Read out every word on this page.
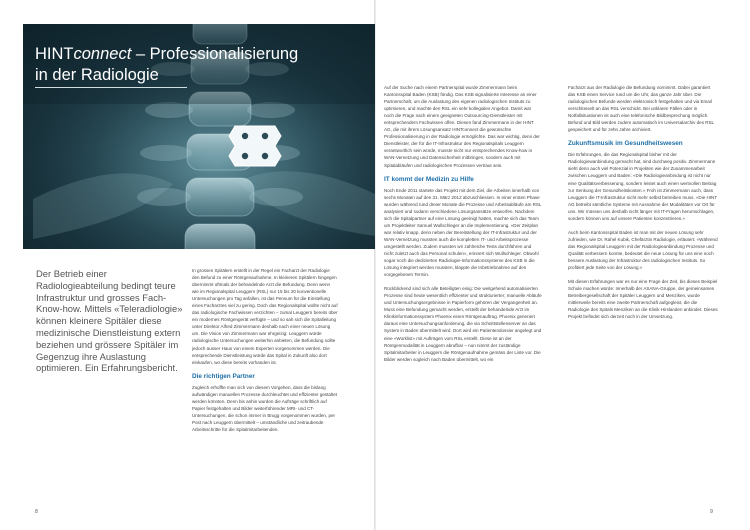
HINTconnect – Professionalisierung
in der Radiologie

Der Betrieb einer Radiologieabteilung bedingt teure Infrastruktur und grosses Fach-Know-how. Mittels «Teleradiologie» können kleinere Spitäler diese medizinische Dienstleistung extern beziehen und grössere Spitäler im Gegenzug ihre Auslastung optimieren. Ein Erfahrungsbericht.

In grossen Spitälern erstellt in der Regel ein Facharzt der Radiologie den Befund zu einer Röntgenaufnahme. In kleineren Spitälern hingegen übernimmt oftmals der behandelnde Arzt die Befundung. Denn wenn wie im Regionalspital Leuggern (RSL) nur 15 bis 20 konventionelle Untersuchungen pro Tag anfallen, ist das Pensum für die Einstellung eines Facharztes viel zu gering. Doch das Regionalspital wollte nicht auf das radiologische Fachwissen verzichten – zumal Leuggern bereits über ein modernes Röntgengerät verfügte – und so sah sich die Spitalleitung unter Direktor Alfred Zimmermann deshalb nach einer neuen Lösung um. Die Vision von Zimmermann war ehrgeizig: Leuggern würde radiologische Untersuchungen weiterhin anbieten, die Befundung sollte jedoch ausser Haus von einem Experten vorgenommen werden. Die entsprechende Dienstleistung würde das Spital in Zukunft also dort einkaufen, wo diese bereits vorhanden ist.

Die richtigen Partner

Zugleich erhoffte man sich von diesem Vorgehen, dass die bislang aufwändigen manuellen Prozesse durchleuchtet und effizienter gestaltet werden könnten. Denn bis anhin wurden die Aufträge schriftlich auf Papier festgehalten und Bilder weiterführender MRI- und CT-Untersuchungen, die schon immer in Brugg vorgenommen wurden, per Post nach Leuggern übermittelt – umständliche und zeitraubende Arbeitsschritte für die Spitalmitarbeitenden.

Auf der Suche nach einem Partnerspital wurde Zimmermann beim Kantonsspital Baden (KSB) fündig. Das KSB signalisierte Interesse an einer Partnerschaft, um die Auslastung des eigenen radiologischen Instituts zu optimieren, und machte den RSL ein sehr kollegiales Angebot. Damit war noch die Frage nach einem geeigneten Outsourcing-Dienstleister mit entsprechendem Fachwissen offen. Diesen fand Zimmermann in der HINT AG, die mit ihrem Lösungsansatz HINTconnect die gewünschte Professionalisierung in der Radiologie ermöglichte. Das war wichtig, denn der Dienstleister, der für die IT-Infrastruktur des Regionalspitals Leuggern verantwortlich sein würde, musste nicht nur entsprechendes Know-how in WAN-Vernetzung und Datensicherheit mitbringen, sondern auch mit Spitalabläufen und radiologischen Prozessen vertraut sein.

IT kommt der Medizin zu Hilfe

Noch Ende 2011 startete das Projekt mit dem Ziel, die Arbeiten innerhalb von sechs Monaten auf den 31. März 2012 abzuschliessen. In einer ersten Phase wurden während rund dreier Monate die Prozesse und Arbeitsabläufe am RSL analysiert und sodann verschiedene Lösungsansätze entworfen. Nachdem sich die Spitalpartner auf eine Lösung geeinigt hatten, machte sich das Team um Projektleiter Samuel Wullschleger an die Implementierung. «Der Zeitplan war relativ knapp, denn neben der Bereitstellung der IT-Infrastruktur und der WAN-Vernetzung mussten auch die kompletten IT- und Arbeitsprozesse umgestellt werden. Zudem mussten wir zahlreiche Tests durchführen und nicht zuletzt auch das Personal schulen», erinnert sich Wullschleger. Obwohl sogar noch die dedizierten Radiologie-Informationssysteme des KSB in die Lösung integriert werden mussten, klappte die Inbetriebnahme auf den vorgegebenen Termin.

Rückblickend sind sich alle Beteiligten einig: Die weitgehend automatisierten Prozesse sind heute wesentlich effizienter und strukturierter; manuelle Abläufe und Untersuchungsergebnisse in Papierform gehören der Vergangenheit an. Muss eine Befundung gemacht werden, erstellt der behandelnde Arzt im Klinikinformationssystem Phoenix einen Röntgenauftrag. Phoenix generiert daraus eine Untersuchungsanforderung, die via Schnittstellenserver an das System in Baden übermittelt wird. Dort wird ein Patientendossier angelegt und eine «Worklist» mit Aufträgen vom RSL erstellt. Diese ist an der Röntgenmodalität in Leuggern abrufbar – nun nimmt der zuständige Spitalmitarbeiter in Leuggern die Röntgenaufnahme gemäss der Liste vor. Die Bilder werden sogleich nach Baden übermittelt, wo ein

Facharzt aus der Radiologie die Befundung vornimmt. Dabei garantiert das KSB einen Service rund um die Uhr, das ganze Jahr über. Die radiologischen Befunde werden elektronisch festgehalten und via Email verschlüsselt an das RSL verschickt. Bei unklaren Fällen oder in Notfallsituationen ist auch eine telefonische Bildbesprechung möglich. Befund und Bild werden zudem automatisch im Universalarchiv des RSL gespeichert und für zehn Jahre archiviert.

Zukunftsmusik im Gesundheitswesen

Die Erfahrungen, die das Regionalspital bisher mit der Radiologiewanbindung gemacht hat, sind durchweg positiv. Zimmermann sieht denn auch viel Potenzial in Projekten wie der Zusammenarbeit zwischen Leuggern und Baden: «Die Radiologieanbindung ist nicht nur eine Qualitätsverbesserung, sondern leistet auch einen wertvollen Beitrag zur Senkung der Gesundheitskosten.» Froh ist Zimmermann auch, dass Leuggern die IT-Infrastruktur nicht mehr selbst betreiben muss. «Die HINT AG betreibt sämtliche Systeme mit Ausnahme der Modalitäten vor Ort für uns. Wir müssen uns deshalb nicht länger mit IT-Fragen herumschlagen, sondern können uns auf unsere Patienten konzentrieren.»

Auch beim Kantonsspital Baden ist man mit der neuen Lösung sehr zufrieden, wie Dr. Rahel Kubik, Chefärztin Radiologie, erläutert: «Während das Regionalspital Leuggern mit der Radiologieanbindung Prozesse und Qualität verbessern konnte, bedeutet die neue Lösung für uns eine noch bessere Auslastung der Infrastruktur des radiologischen Instituts. So profitiert jede Seite von der Lösung.»

Mit diesen Erfahrungen war es nur eine Frage der Zeit, bis dieses Beispiel Schule machen würde: Innerhalb der ASANA-Gruppe, der gemeinsamen Betreibergesellschaft der Spitäler Leuggern und Menziken, wurde mittlerweile bereits eine zweite Partnerschaft aufgegleist, die die Radiologie des Spitals Menziken an die Klinik Hirslanden anbindet. Dieses Projekt befindet sich derzeit noch in der Umsetzung.

8	9
